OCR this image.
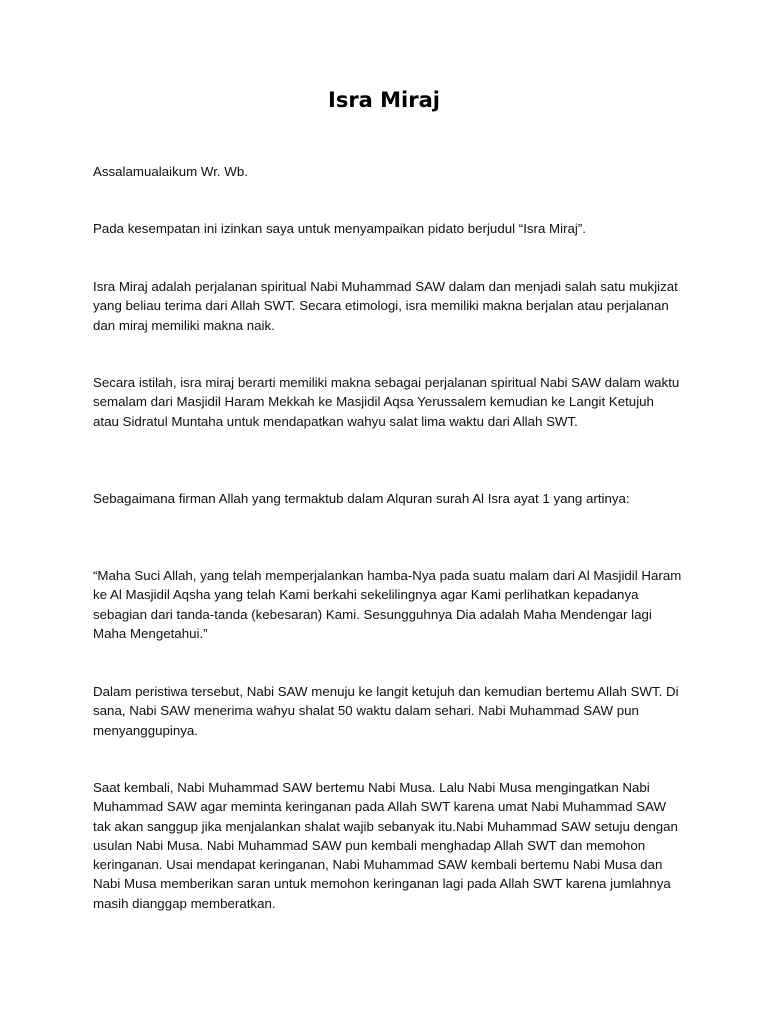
Isra Miraj

Assalamualaikum Wr. Wb.

Pada kesempatan ini izinkan saya untuk menyampaikan pidato berjudul “Isra Miraj”.

Isra Miraj adalah perjalanan spiritual Nabi Muhammad SAW dalam dan menjadi salah satu mukjizat yang beliau terima dari Allah SWT. Secara etimologi, isra memiliki makna berjalan atau perjalanan dan miraj memiliki makna naik.

Secara istilah, isra miraj berarti memiliki makna sebagai perjalanan spiritual Nabi SAW dalam waktu semalam dari Masjidil Haram Mekkah ke Masjidil Aqsa Yerussalem kemudian ke Langit Ketujuh atau Sidratul Muntaha untuk mendapatkan wahyu salat lima waktu dari Allah SWT.

Sebagaimana firman Allah yang termaktub dalam Alquran surah Al Isra ayat 1 yang artinya:

“Maha Suci Allah, yang telah memperjalankan hamba-Nya pada suatu malam dari Al Masjidil Haram ke Al Masjidil Aqsha yang telah Kami berkahi sekelilingnya agar Kami perlihatkan kepadanya sebagian dari tanda-tanda (kebesaran) Kami. Sesungguhnya Dia adalah Maha Mendengar lagi Maha Mengetahui.”

Dalam peristiwa tersebut, Nabi SAW menuju ke langit ketujuh dan kemudian bertemu Allah SWT. Di sana, Nabi SAW menerima wahyu shalat 50 waktu dalam sehari. Nabi Muhammad SAW pun menyanggupinya.

Saat kembali, Nabi Muhammad SAW bertemu Nabi Musa. Lalu Nabi Musa mengingatkan Nabi Muhammad SAW agar meminta keringanan pada Allah SWT karena umat Nabi Muhammad SAW tak akan sanggup jika menjalankan shalat wajib sebanyak itu.Nabi Muhammad SAW setuju dengan usulan Nabi Musa. Nabi Muhammad SAW pun kembali menghadap Allah SWT dan memohon keringanan. Usai mendapat keringanan, Nabi Muhammad SAW kembali bertemu Nabi Musa dan Nabi Musa memberikan saran untuk memohon keringanan lagi pada Allah SWT karena jumlahnya masih dianggap memberatkan.
